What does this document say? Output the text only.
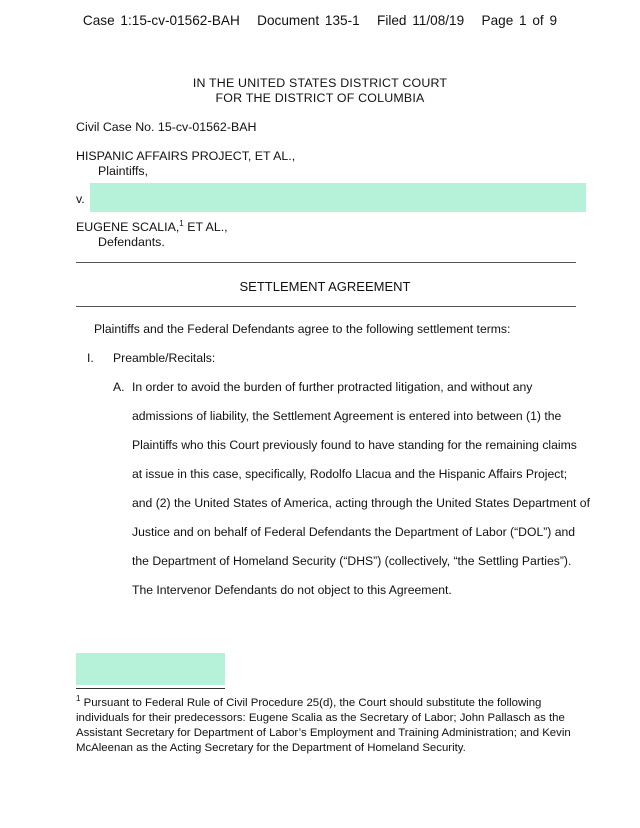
Case 1:15-cv-01562-BAH Document 135-1 Filed 11/08/19 Page 1 of 9
IN THE UNITED STATES DISTRICT COURT
FOR THE DISTRICT OF COLUMBIA
Civil Case No. 15-cv-01562-BAH
HISPANIC AFFAIRS PROJECT, ET AL.,
Plaintiffs,
v.
EUGENE SCALIA,$^1$ ET AL.,
Defendants.
SETTLEMENT AGREEMENT
Plaintiffs and the Federal Defendants agree to the following settlement terms:
I. Preamble/Recitals:
A. In order to avoid the burden of further protracted litigation, and without any
admissions of liability, the Settlement Agreement is entered into between (1) the
Plaintiffs who this Court previously found to have standing for the remaining claims
at issue in this case, specifically, Rodolfo Llacua and the Hispanic Affairs Project;
and (2) the United States of America, acting through the United States Department of
Justice and on behalf of Federal Defendants the Department of Labor (“DOL”) and
the Department of Homeland Security (“DHS”) (collectively, “the Settling Parties”).
The Intervenor Defendants do not object to this Agreement.
$^1$ Pursuant to Federal Rule of Civil Procedure 25(d), the Court should substitute the following individuals for their predecessors: Eugene Scalia as the Secretary of Labor; John Pallasch as the Assistant Secretary for Department of Labor’s Employment and Training Administration; and Kevin McAleenan as the Acting Secretary for the Department of Homeland Security.
